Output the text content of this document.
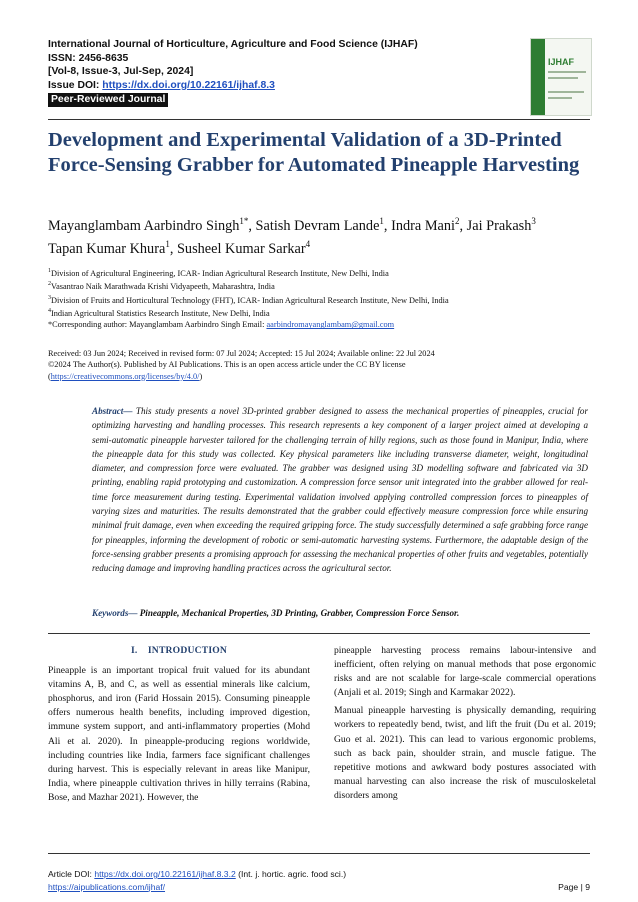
International Journal of Horticulture, Agriculture and Food Science (IJHAF)
ISSN: 2456-8635
[Vol-8, Issue-3, Jul-Sep, 2024]
Issue DOI: https://dx.doi.org/10.22161/ijhaf.8.3
Peer-Reviewed Journal
IJHAF
Development and Experimental Validation of a 3D-Printed Force-Sensing Grabber for Automated Pineapple Harvesting
Mayanglambam Aarbindro Singh$^{1*}$, Satish Devram Lande$^1$, Indra Mani$^2$, Jai Prakash$^3$
Tapan Kumar Khura$^1$, Susheel Kumar Sarkar$^4$
$^1$Division of Agricultural Engineering, ICAR- Indian Agricultural Research Institute, New Delhi, India
$^2$Vasantrao Naik Marathwada Krishi Vidyapeeth, Maharashtra, India
$^3$Division of Fruits and Horticultural Technology (FHT), ICAR- Indian Agricultural Research Institute, New Delhi, India
$^4$Indian Agricultural Statistics Research Institute, New Delhi, India
*Corresponding author: Mayanglambam Aarbindro Singh Email: aarbindromayanglambam@gmail.com
Received: 03 Jun 2024; Received in revised form: 07 Jul 2024; Accepted: 15 Jul 2024; Available online: 22 Jul 2024
©2024 The Author(s). Published by AI Publications. This is an open access article under the CC BY license
(https://creativecommons.org/licenses/by/4.0/)

Abstract— This study presents a novel 3D-printed grabber designed to assess the mechanical properties of pineapples, crucial for optimizing harvesting and handling processes. This research represents a key component of a larger project aimed at developing a semi-automatic pineapple harvester tailored for the challenging terrain of hilly regions, such as those found in Manipur, India, where the pineapple data for this study was collected. Key physical parameters like including transverse diameter, weight, longitudinal diameter, and compression force were evaluated. The grabber was designed using 3D modelling software and fabricated via 3D printing, enabling rapid prototyping and customization. A compression force sensor unit integrated into the grabber allowed for real-time force measurement during testing. Experimental validation involved applying controlled compression forces to pineapples of varying sizes and maturities. The results demonstrated that the grabber could effectively measure compression force while ensuring minimal fruit damage, even when exceeding the required gripping force. The study successfully determined a safe grabbing force range for pineapples, informing the development of robotic or semi-automatic harvesting systems. Furthermore, the adaptable design of the force-sensing grabber presents a promising approach for assessing the mechanical properties of other fruits and vegetables, potentially reducing damage and improving handling practices across the agricultural sector.

Keywords— Pineapple, Mechanical Properties, 3D Printing, Grabber, Compression Force Sensor.
I.    INTRODUCTION

Pineapple is an important tropical fruit valued for its abundant vitamins A, B, and C, as well as essential minerals like calcium, phosphorus, and iron (Farid Hossain 2015). Consuming pineapple offers numerous health benefits, including improved digestion, immune system support, and anti-inflammatory properties (Mohd Ali et al. 2020). In pineapple-producing regions worldwide, including countries like India, farmers face significant challenges during harvest. This is especially relevant in areas like Manipur, India, where pineapple cultivation thrives in hilly terrains (Rabina, Bose, and Mazhar 2021). However, the

pineapple harvesting process remains labour-intensive and inefficient, often relying on manual methods that pose ergonomic risks and are not scalable for large-scale commercial operations (Anjali et al. 2019; Singh and Karmakar 2022).

Manual pineapple harvesting is physically demanding, requiring workers to repeatedly bend, twist, and lift the fruit (Du et al. 2019; Guo et al. 2021). This can lead to various ergonomic problems, such as back pain, shoulder strain, and muscle fatigue. The repetitive motions and awkward body postures associated with manual harvesting can also increase the risk of musculoskeletal disorders among

Article DOI: https://dx.doi.org/10.22161/ijhaf.8.3.2 (Int. j. hortic. agric. food sci.)
https://aipublications.com/ijhaf/	Page | 9
